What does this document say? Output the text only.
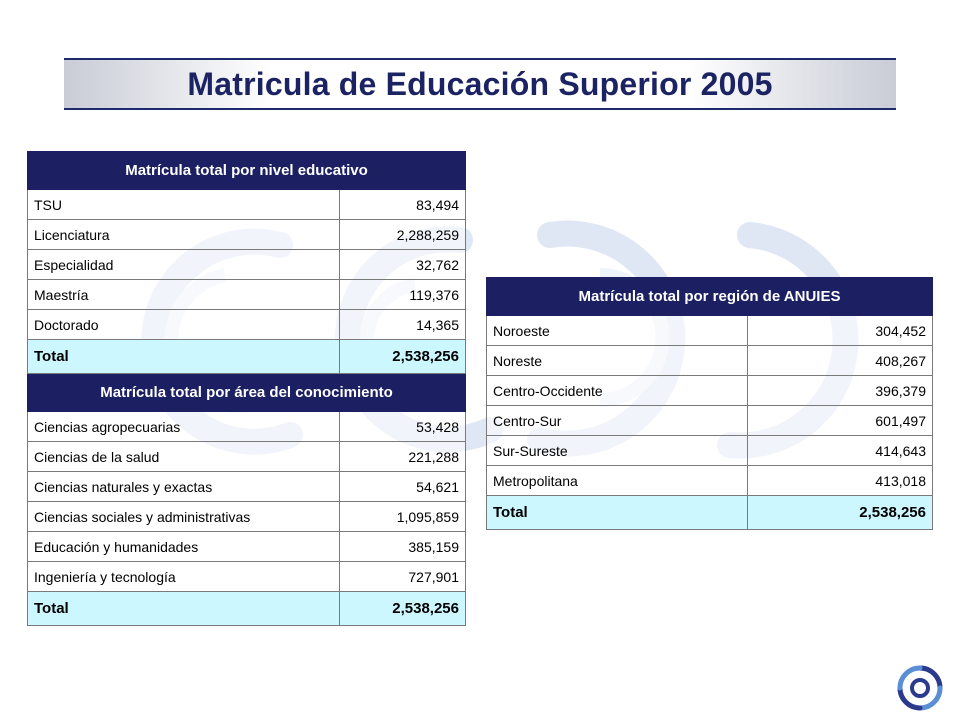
Matricula de Educación Superior 2005
Matrícula total por nivel educativo	
TSU	83,494
Licenciatura	2,288,259
Especialidad	32,762
Maestría	119,376
Doctorado	14,365
Total	2,538,256
Matrícula total por área del conocimiento	
Ciencias agropecuarias	53,428
Ciencias de la salud	221,288
Ciencias naturales y exactas	54,621
Ciencias sociales y administrativas	1,095,859
Educación y humanidades	385,159
Ingeniería y tecnología	727,901
Total	2,538,256
Matrícula total por región de ANUIES	
Noroeste	304,452
Noreste	408,267
Centro-Occidente	396,379
Centro-Sur	601,497
Sur-Sureste	414,643
Metropolitana	413,018
Total	2,538,256
